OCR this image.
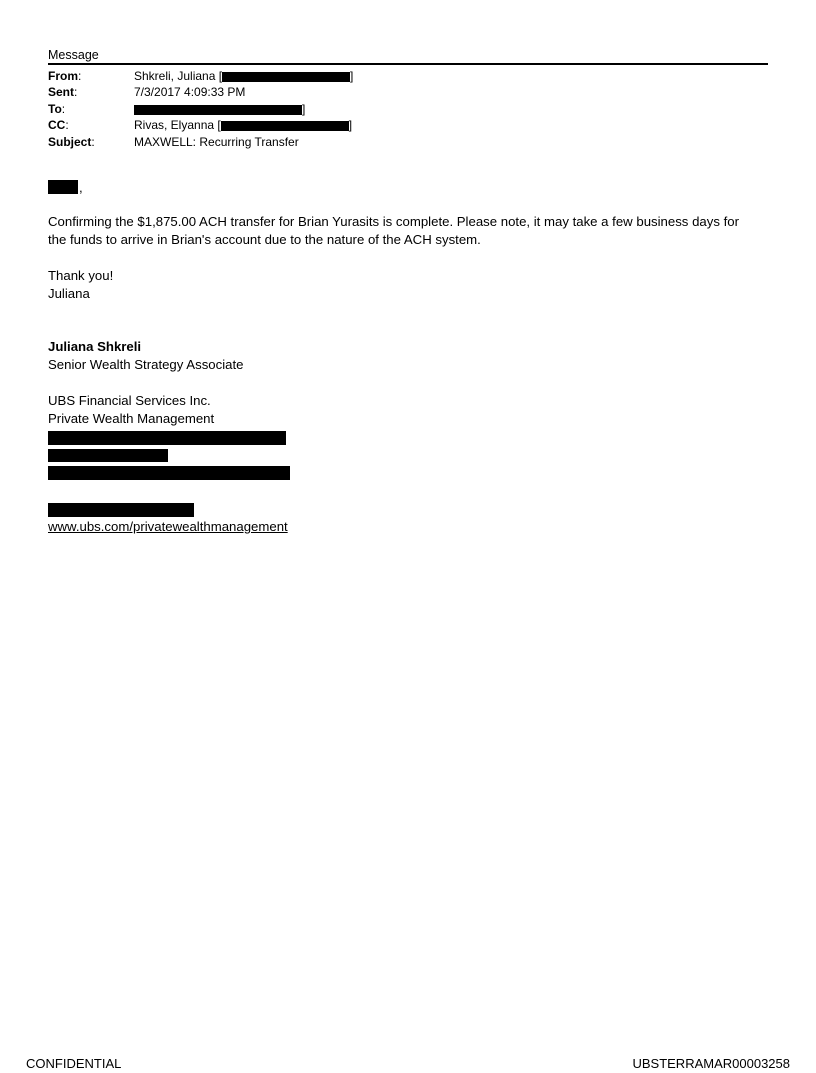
Message
From:	Shkreli, Juliana [	]
Sent:	7/3/2017 4:09:33 PM
To:	]
CC:	Rivas, Elyanna [	]
Subject:	MAXWELL: Recurring Transfer
,
Confirming the $1,875.00 ACH transfer for Brian Yurasits is complete. Please note, it may take a few business days for
the funds to arrive in Brian's account due to the nature of the ACH system.
Thank you!
Juliana
Juliana Shkreli
Senior Wealth Strategy Associate
UBS Financial Services Inc.
Private Wealth Management
www.ubs.com/privatewealthmanagement
CONFIDENTIAL	UBSTERRAMAR00003258
